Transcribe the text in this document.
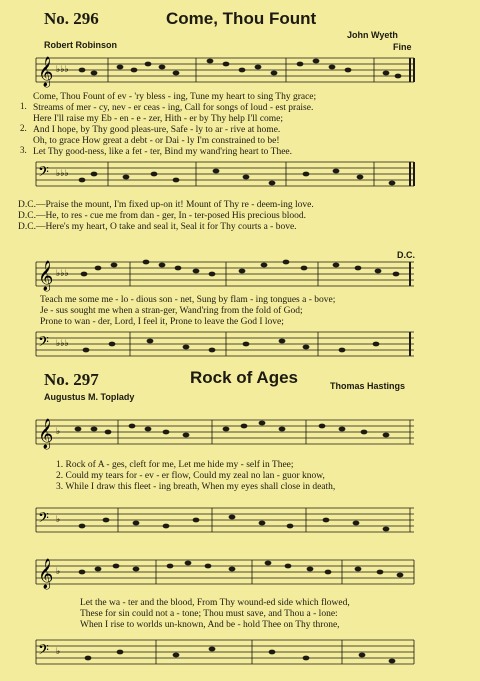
No. 296	Come, Thou Fount
Robert Robinson
John Wyeth
Fine
𝄞 ♭♭♭
1.
2.
3.
Come, Thou Fount of ev - 'ry bless - ing, Tune my heart to sing Thy grace;
Streams of mer - cy, nev - er ceas - ing, Call for songs of loud - est praise.
Here I'll raise my Eb - en - e - zer, Hith - er by Thy help I'll come;
And I hope, by Thy good pleas-ure, Safe - ly to ar - rive at home.
Oh, to grace How great a debt - or Dai - ly I'm constrained to be!
Let Thy good-ness, like a fet - ter, Bind my wand'ring heart to Thee.
𝄢 ♭♭♭
D.C.—Praise the mount, I'm fixed up-on it! Mount of Thy re - deem-ing love.
D.C.—He, to res - cue me from dan - ger, In - ter-posed His precious blood.
D.C.—Here's my heart, O take and seal it, Seal it for Thy courts a - bove.
D.C.
𝄞 ♭♭♭
Teach me some me - lo - dious son - net, Sung by flam - ing tongues a - bove;
Je - sus sought me when a stran-ger, Wand'ring from the fold of God;
Prone to wan - der, Lord, I feel it, Prone to leave the God I love;
𝄢 ♭♭♭
No. 297	Rock of Ages
Augustus M. Toplady
Thomas Hastings
𝄞 ♭
1. Rock of A - ges, cleft for me, Let me hide my - self in Thee;
2. Could my tears for - ev - er flow, Could my zeal no lan - guor know,
3. While I draw this fleet - ing breath, When my eyes shall close in death,
𝄢 ♭
𝄞 ♭
Let the wa - ter and the blood, From Thy wound-ed side which flowed,
These for sin could not a - tone; Thou must save, and Thou a - lone:
When I rise to worlds un-known, And be - hold Thee on Thy throne,
𝄢 ♭
